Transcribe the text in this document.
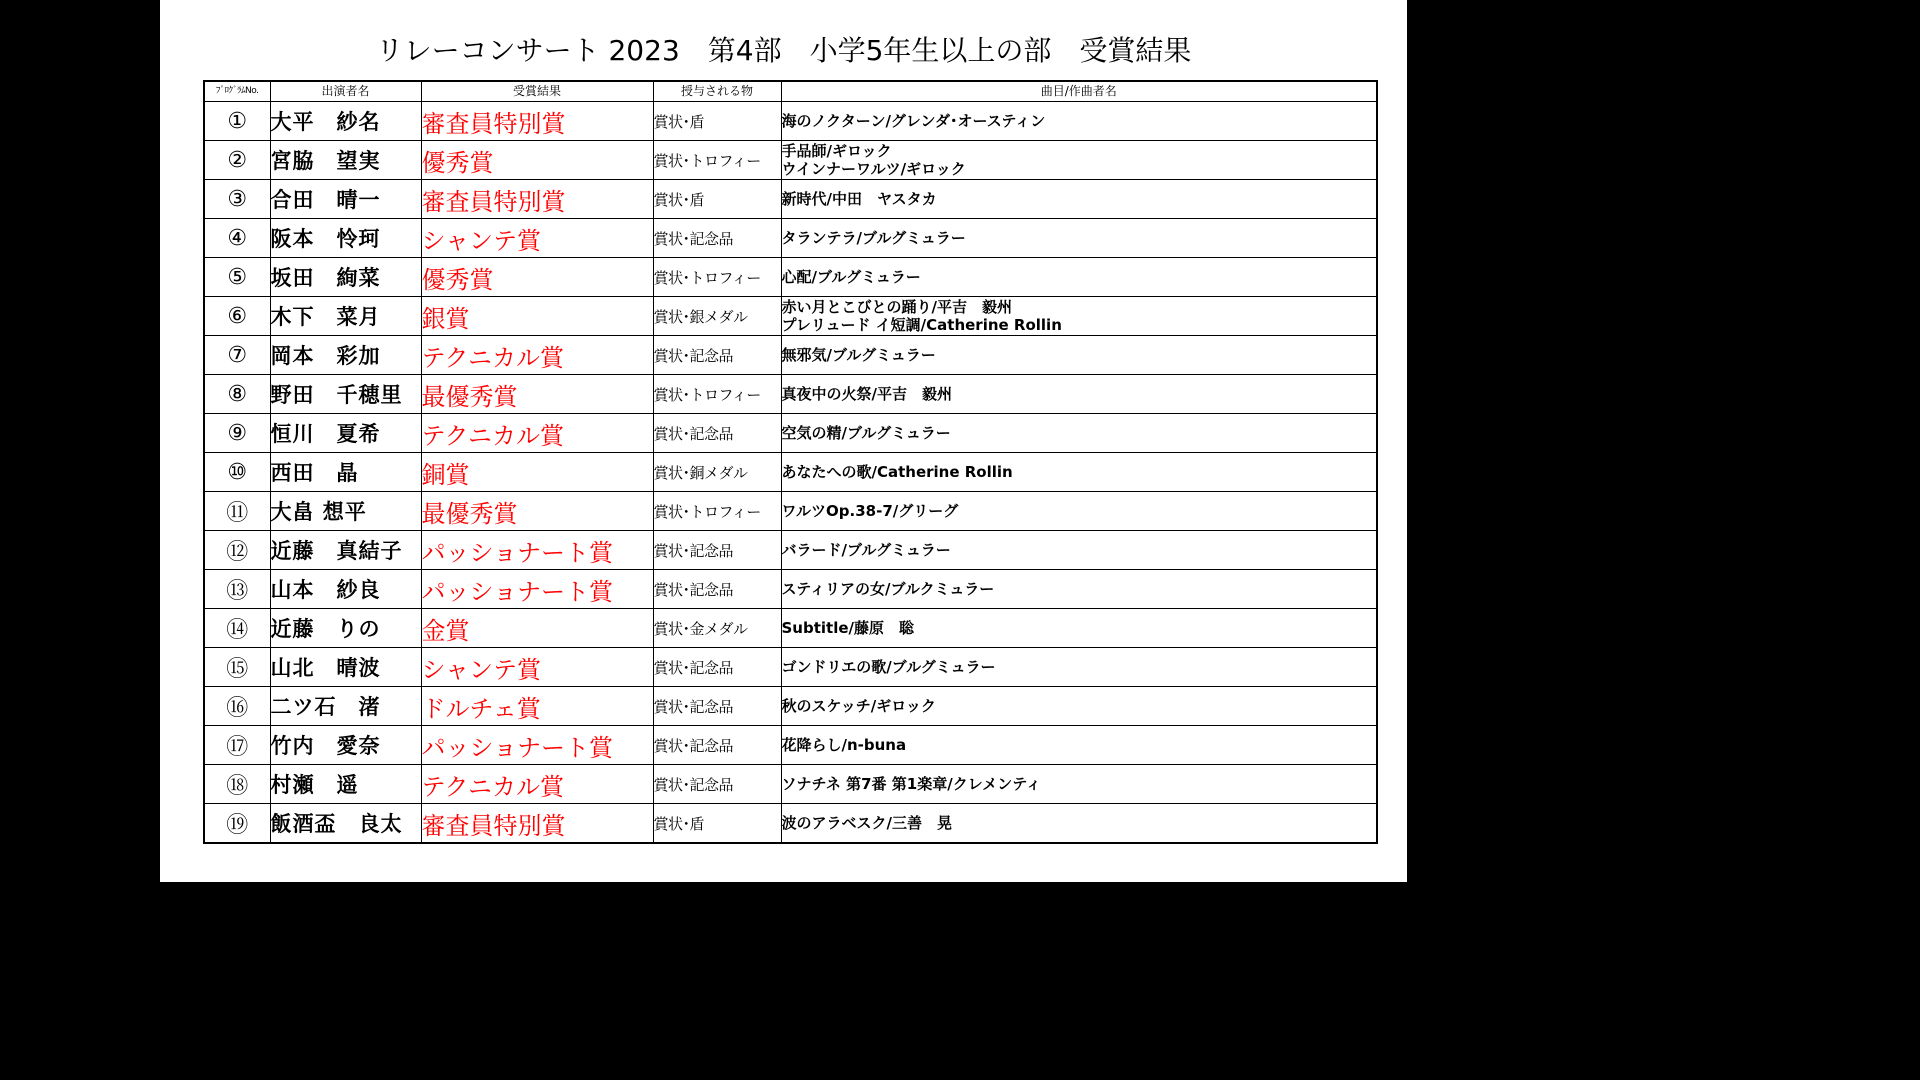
リレーコンサート 2023　第4部　小学5年生以上の部　受賞結果
ﾌﾟﾛｸﾞﾗﾑNo.	出演者名	受賞結果	授与される物	曲目/作曲者名
①	大平　紗名	審査員特別賞	賞状･盾	海のノクターン/グレンダ･オースティン

②	宮脇　望実	優秀賞	賞状･トロフィー	手品師/ギロック
ウインナーワルツ/ギロック

③	合田　晴一	審査員特別賞	賞状･盾	新時代/中田　ヤスタカ

④	阪本　怜珂	シャンテ賞	賞状･記念品	タランテラ/ブルグミュラー

⑤	坂田　絢菜	優秀賞	賞状･トロフィー	心配/ブルグミュラー

⑥	木下　菜月	銀賞	賞状･銀メダル	赤い月とこびとの踊り/平吉　毅州
プレリュード イ短調/Catherine Rollin

⑦	岡本　彩加	テクニカル賞	賞状･記念品	無邪気/ブルグミュラー

⑧	野田　千穂里	最優秀賞	賞状･トロフィー	真夜中の火祭/平吉　毅州

⑨	恒川　夏希	テクニカル賞	賞状･記念品	空気の精/ブルグミュラー

⑩	西田　晶	銅賞	賞状･銅メダル	あなたへの歌/Catherine Rollin

⑪	大畠 想平	最優秀賞	賞状･トロフィー	ワルツOp.38-7/グリーグ

⑫	近藤　真結子	パッショナート賞	賞状･記念品	バラード/ブルグミュラー

⑬	山本　紗良	パッショナート賞	賞状･記念品	スティリアの女/ブルクミュラー

⑭	近藤　りの	金賞	賞状･金メダル	Subtitle/藤原　聡

⑮	山北　晴波	シャンテ賞	賞状･記念品	ゴンドリエの歌/ブルグミュラー

⑯	二ツ石　渚	ドルチェ賞	賞状･記念品	秋のスケッチ/ギロック

⑰	竹内　愛奈	パッショナート賞	賞状･記念品	花降らし/n-buna

⑱	村瀬　遥	テクニカル賞	賞状･記念品	ソナチネ 第7番 第1楽章/クレメンティ

⑲	飯酒盃　良太	審査員特別賞	賞状･盾	波のアラベスク/三善　晃
